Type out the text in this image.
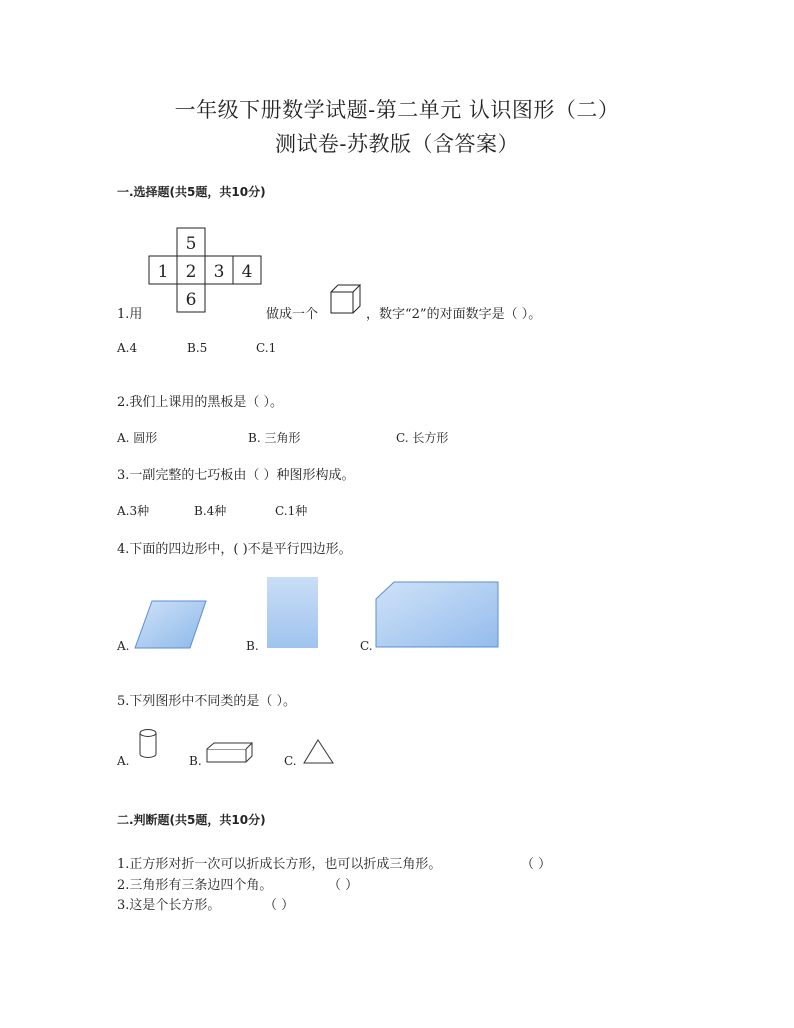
一年级下册数学试题-第二单元 认识图形（二）
测试卷-苏教版（含答案）
一.选择题(共5题，共10分)
5
1 2 3 4
6
1.用	做成一个	，数字“2”的对面数字是（ ）。
A.4	B.5	C.1
2.我们上课用的黑板是（ ）。
A. 圆形	B. 三角形	C. 长方形
3.一副完整的七巧板由（ ）种图形构成。
A.3种	B.4种	C.1种
4.下面的四边形中，( )不是平行四边形。
A.	B.	C.
5.下列图形中不同类的是（ ）。
A.	B.	C.
二.判断题(共5题，共10分)
1.正方形对折一次可以折成长方形，也可以折成三角形。	（ ）
2.三角形有三条边四个角。	（ ）
3.这是个长方形。	（ ）
